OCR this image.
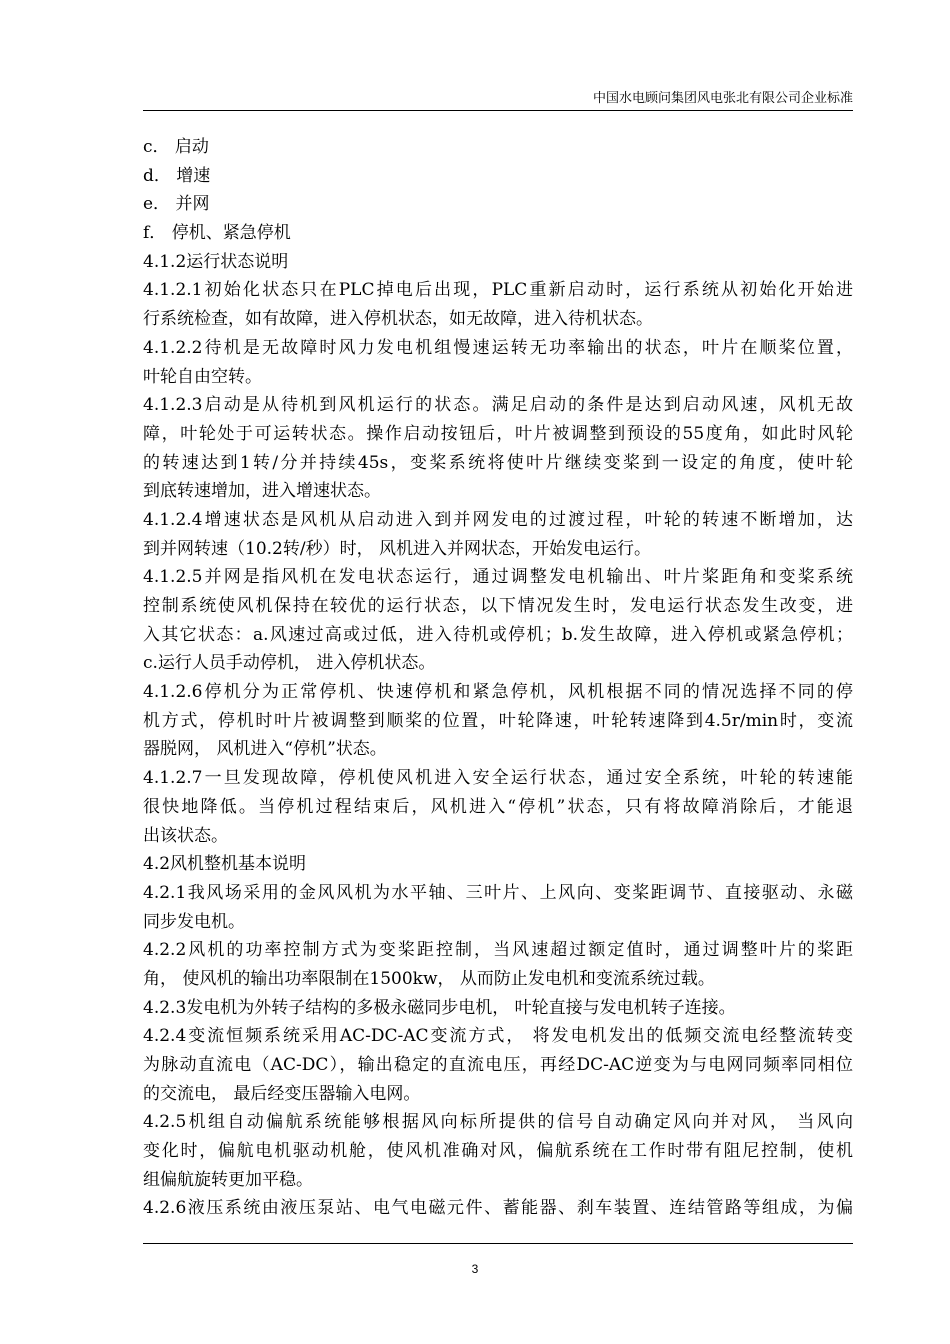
中国水电顾问集团风电张北有限公司企业标准
c． 启动
d． 增速
e． 并网
f． 停机、紧急停机
4.1.2运行状态说明
4.1.2.1初始化状态只在PLC掉电后出现，PLC重新启动时，运行系统从初始化开始进
行系统检查，如有故障，进入停机状态，如无故障，进入待机状态。
4.1.2.2待机是无故障时风力发电机组慢速运转无功率输出的状态，叶片在顺桨位置，
叶轮自由空转。
4.1.2.3启动是从待机到风机运行的状态。满足启动的条件是达到启动风速，风机无故
障，叶轮处于可运转状态。操作启动按钮后，叶片被调整到预设的55度角，如此时风轮
的转速达到1转/分并持续45s，变桨系统将使叶片继续变桨到一设定的角度，使叶轮
到底转速增加，进入增速状态。
4.1.2.4增速状态是风机从启动进入到并网发电的过渡过程，叶轮的转速不断增加，达
到并网转速（10.2转/秒）时， 风机进入并网状态，开始发电运行。
4.1.2.5并网是指风机在发电状态运行，通过调整发电机输出、叶片桨距角和变桨系统
控制系统使风机保持在较优的运行状态，以下情况发生时，发电运行状态发生改变，进
入其它状态：a.风速过高或过低，进入待机或停机；b.发生故障，进入停机或紧急停机；
c.运行人员手动停机， 进入停机状态。
4.1.2.6停机分为正常停机、快速停机和紧急停机，风机根据不同的情况选择不同的停
机方式，停机时叶片被调整到顺桨的位置，叶轮降速，叶轮转速降到4.5r/min时，变流
器脱网， 风机进入“停机”状态。
4.1.2.7一旦发现故障，停机使风机进入安全运行状态，通过安全系统，叶轮的转速能
很快地降低。当停机过程结束后，风机进入“停机”状态，只有将故障消除后，才能退
出该状态。
4.2风机整机基本说明
4.2.1我风场采用的金风风机为水平轴、三叶片、上风向、变桨距调节、直接驱动、永磁
同步发电机。
4.2.2风机的功率控制方式为变桨距控制，当风速超过额定值时，通过调整叶片的桨距
角， 使风机的输出功率限制在1500kw， 从而防止发电机和变流系统过载。
4.2.3发电机为外转子结构的多极永磁同步电机， 叶轮直接与发电机转子连接。
4.2.4变流恒频系统采用AC-DC-AC变流方式， 将发电机发出的低频交流电经整流转变
为脉动直流电（AC-DC），输出稳定的直流电压，再经DC-AC逆变为与电网同频率同相位
的交流电， 最后经变压器输入电网。
4.2.5机组自动偏航系统能够根据风向标所提供的信号自动确定风向并对风， 当风向
变化时，偏航电机驱动机舱，使风机准确对风，偏航系统在工作时带有阻尼控制，使机
组偏航旋转更加平稳。
4.2.6液压系统由液压泵站、电气电磁元件、蓄能器、刹车装置、连结管路等组成，为偏
3
